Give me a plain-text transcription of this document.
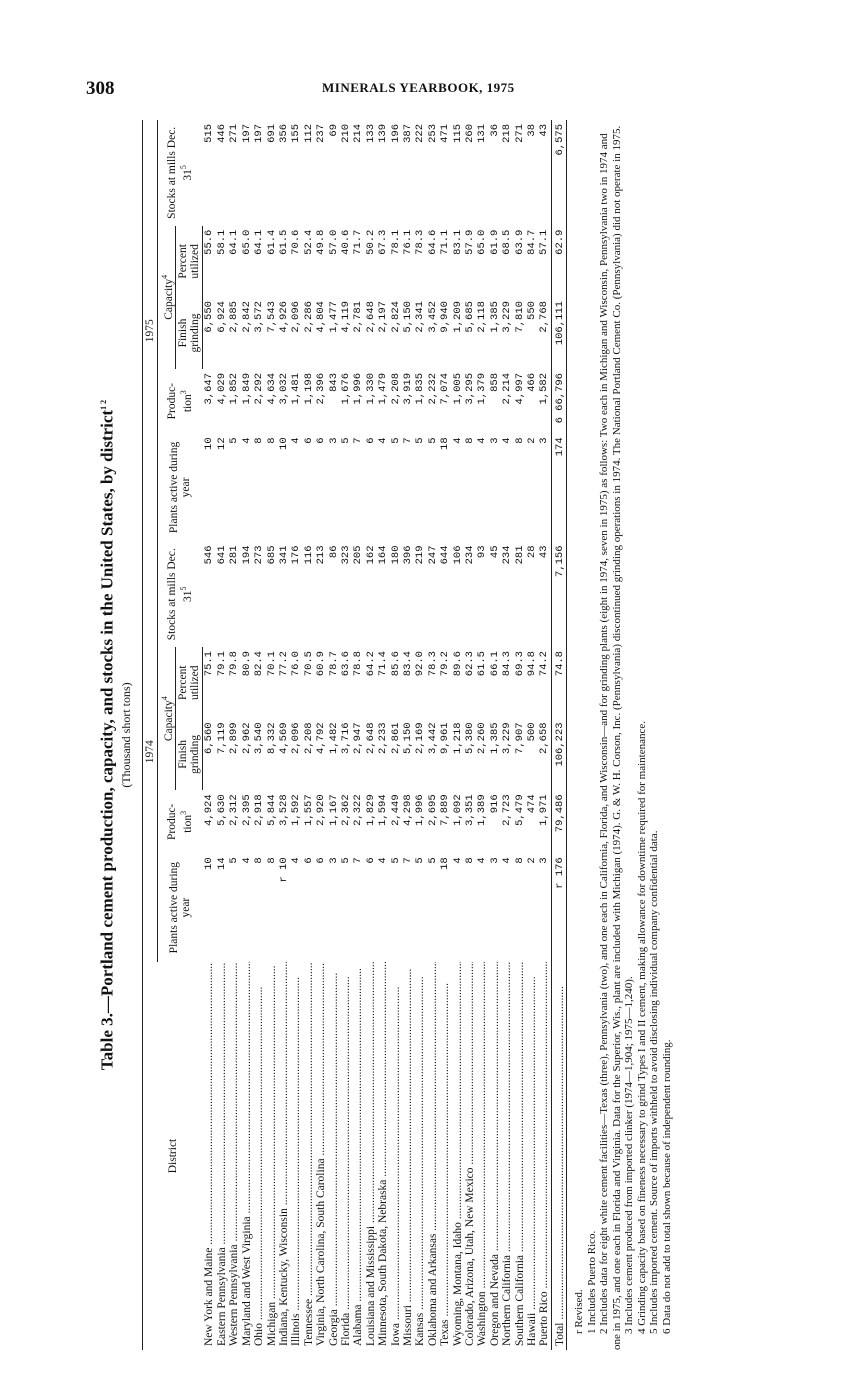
308	MINERALS YEARBOOK, 1975
Table 3.—Portland cement production, capacity, and stocks in the United States, by district$^{1 2}$
(Thousand short tons)
District	1974					1975				
	Plants active during year	Produc- tion$^3$	Capacity$^4$		Stocks at mills Dec. $31^5$	Plants active during year	Produc- tion$^3$	Capacity$^4$		Stocks at mills Dec. $31^5$
			Finish grinding	Percent utilized				Finish grinding	Percent utilized	
New York and Maine .....	10	4,924	6,560	75.1	546	10	3,647	6,550	55.6	515
Eastern Pennsylvania .....	14	5,630	7,119	79.1	641	12	4,029	6,924	58.1	446
Western Pennsylvania .....	5	2,312	2,899	79.8	281	5	1,852	2,885	64.1	271
Maryland and West Virginia .....	4	2,395	2,962	80.9	194	4	1,849	2,842	65.0	197
Ohio .....	8	2,918	3,540	82.4	273	8	2,292	3,572	64.1	197
Michigan .....	8	5,844	8,332	70.1	685	8	4,634	7,543	61.4	691
Indiana, Kentucky, Wisconsin .....	r 10	3,528	4,569	77.2	341	10	3,032	4,926	61.5	356
Illinois .....	4	1,592	2,096	76.0	176	4	1,481	2,096	70.6	155
Tennessee .....	6	1,557	2,208	70.5	116	6	1,198	2,286	52.4	112
Virginia, North Carolina, South Carolina .....	6	2,920	4,792	60.9	213	6	2,396	4,804	49.8	237
Georgia .....	3	1,167	1,482	78.7	86	3	843	1,477	57.0	69
Florida .....	5	2,362	3,716	63.6	323	5	1,676	4,119	40.6	210
Alabama .....	7	2,322	2,947	78.8	205	7	1,996	2,781	71.7	214
Louisiana and Mississippi .....	6	1,829	2,648	64.2	162	6	1,330	2,648	50.2	133
Minnesota, South Dakota, Nebraska .....	4	1,594	2,233	71.4	164	4	1,479	2,197	67.3	139
Iowa .....	5	2,449	2,861	85.6	180	5	2,208	2,824	78.1	196
Missouri .....	7	4,298	5,150	83.4	396	7	3,919	5,150	76.1	387
Kansas .....	5	1,996	2,169	92.0	219	5	1,835	2,341	78.3	222
Oklahoma and Arkansas .....	5	2,695	3,442	78.3	247	5	2,232	3,452	64.6	253
Texas .....	18	7,889	9,961	79.2	644	18	7,074	9,940	71.1	471
Wyoming, Montana, Idaho .....	4	1,092	1,218	89.6	106	4	1,005	1,209	83.1	115
Colorado, Arizona, Utah, New Mexico .....	8	3,351	5,380	62.3	234	8	3,295	5,685	57.9	260
Washington .....	4	1,389	2,260	61.5	93	4	1,379	2,118	65.0	131
Oregon and Nevada .....	3	916	1,385	66.1	45	3	858	1,385	61.9	36
Northern California .....	4	2,723	3,229	84.3	234	4	2,214	3,229	68.5	218
Southern California .....	8	5,479	7,907	69.3	281	8	4,997	7,810	63.9	271
Hawaii .....	2	474	500	94.8	28	2	466	550	84.7	38
Puerto Rico .....	3	1,971	2,658	74.2	43	3	1,582	2,768	57.1	43
Total .....	r 176	79,486	106,223	74.8	7,156	174	6 66,796	106,111	62.9	6,575

r Revised. 1 Includes Puerto Rico. 2 Includes data for eight white cement facilities—Texas (three), Pennsylvania (two), and one each in California, Florida, and Wisconsin—and for grinding plants (eight in 1974, seven in 1975) as follows: Two each in Michigan and Wisconsin, Pennsylvania two in 1974 and one in 1975, and one each in Florida and Virginia. Data for the Superior, Wis., plant are included with Michigan (1974). G. & W. H. Corson, Inc. (Pennsylvania) discontinued grinding operations in 1974. The National Portland Cement Co. (Pennsylvania) did not operate in 1975. 3 Includes cement produced from imported clinker (1974—1,904; 1975—1,240). 4 Grinding capacity based on fineness necessary to grind Types I and II cement, making allowance for downtime required for maintenance. 5 Includes imported cement. Source of imports withheld to avoid disclosing individual company confidential data. 6 Data do not add to total shown because of independent rounding.
